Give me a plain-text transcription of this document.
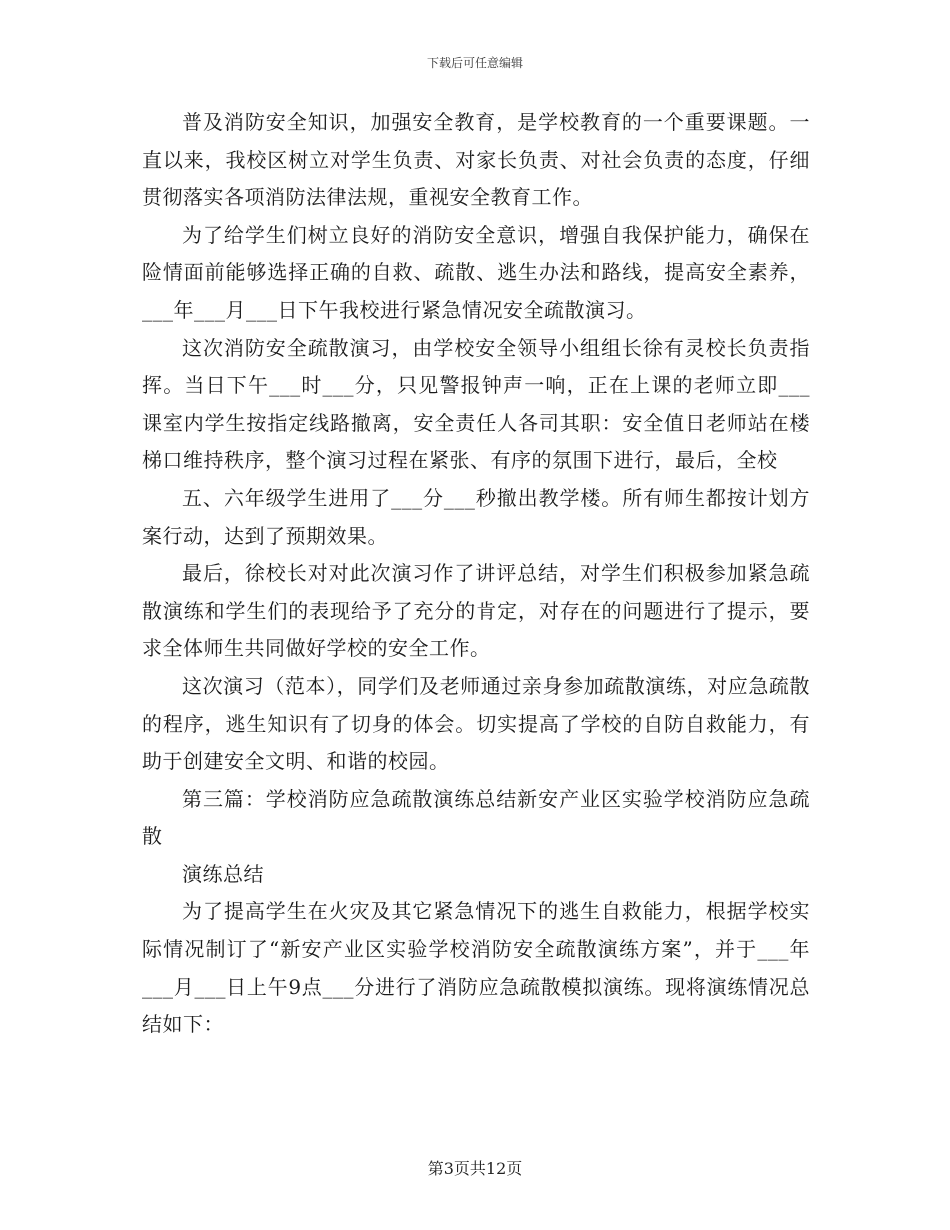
下载后可任意编辑

普及消防安全知识，加强安全教育，是学校教育的一个重要课题。一直以来，我校区树立对学生负责、对家长负责、对社会负责的态度，仔细贯彻落实各项消防法律法规，重视安全教育工作。

为了给学生们树立良好的消防安全意识，增强自我保护能力，确保在险情面前能够选择正确的自救、疏散、逃生办法和路线，提高安全素养，___年___月___日下午我校进行紧急情况安全疏散演习。

这次消防安全疏散演习，由学校安全领导小组组长徐有灵校长负责指挥。当日下午___时___分，只见警报钟声一响，正在上课的老师立即___课室内学生按指定线路撤离，安全责任人各司其职：安全值日老师站在楼梯口维持秩序，整个演习过程在紧张、有序的氛围下进行，最后，全校

五、六年级学生进用了___分___秒撤出教学楼。所有师生都按计划方案行动，达到了预期效果。

最后，徐校长对对此次演习作了讲评总结，对学生们积极参加紧急疏散演练和学生们的表现给予了充分的肯定，对存在的问题进行了提示，要求全体师生共同做好学校的安全工作。

这次演习（范本），同学们及老师通过亲身参加疏散演练，对应急疏散的程序，逃生知识有了切身的体会。切实提高了学校的自防自救能力，有助于创建安全文明、和谐的校园。

第三篇：学校消防应急疏散演练总结新安产业区实验学校消防应急疏散

演练总结

为了提高学生在火灾及其它紧急情况下的逃生自救能力，根据学校实际情况制订了“新安产业区实验学校消防安全疏散演练方案”，并于___年___月___日上午9点___分进行了消防应急疏散模拟演练。现将演练情况总结如下：

第3页共12页
